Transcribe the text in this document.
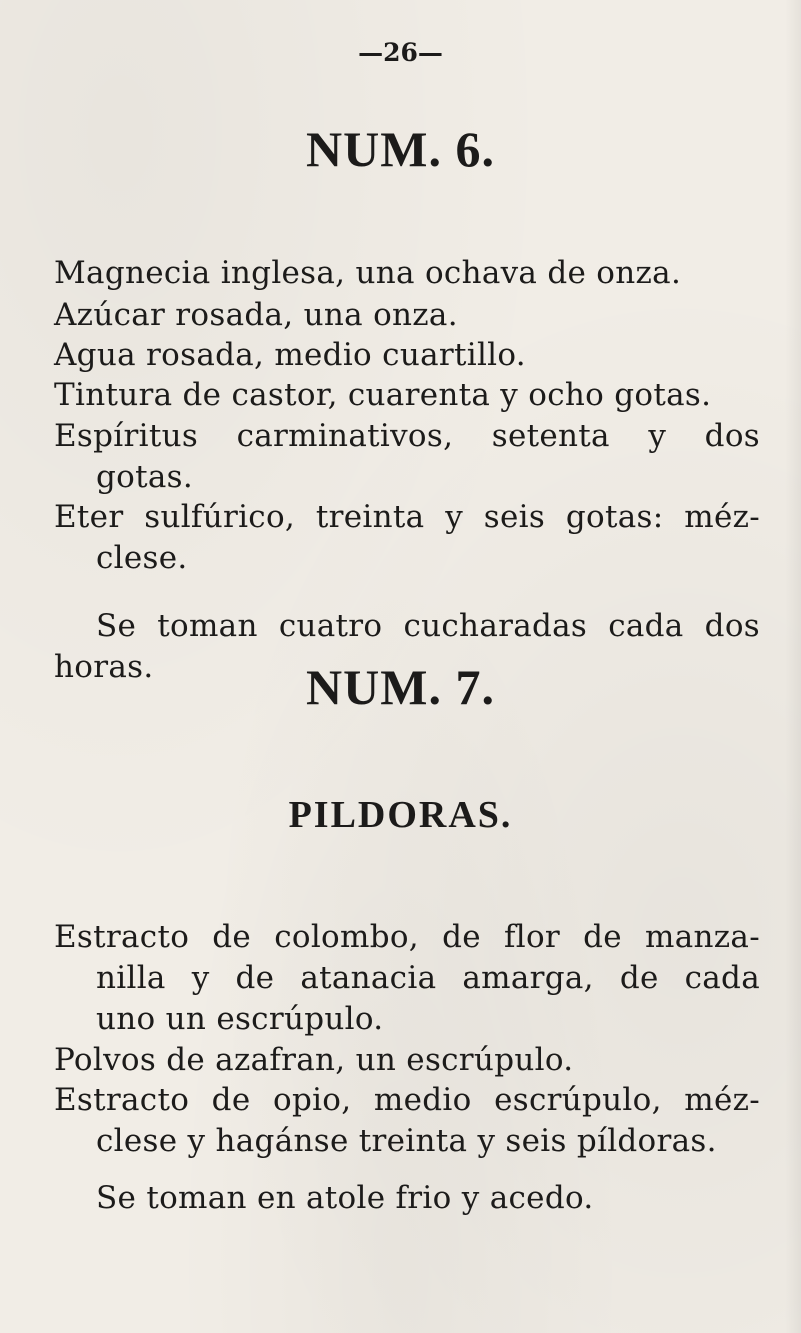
—26—
NUM. 6.
Magnecia inglesa, una ochava de onza.
Azúcar rosada, una onza.
Agua rosada, medio cuartillo.
Tintura de castor, cuarenta y ocho gotas.
Espíritus carminativos, setenta y dos
gotas.
Eter sulfúrico, treinta y seis gotas: méz-
clese.
Se toman cuatro cucharadas cada dos
horas.	NUM. 7.
PILDORAS.
Estracto de colombo, de flor de manza-
nilla y de atanacia amarga, de cada
uno un escrúpulo.
Polvos de azafran, un escrúpulo.
Estracto de opio, medio escrúpulo, méz-
clese y hagánse treinta y seis píldoras.
Se toman en atole frio y acedo.
